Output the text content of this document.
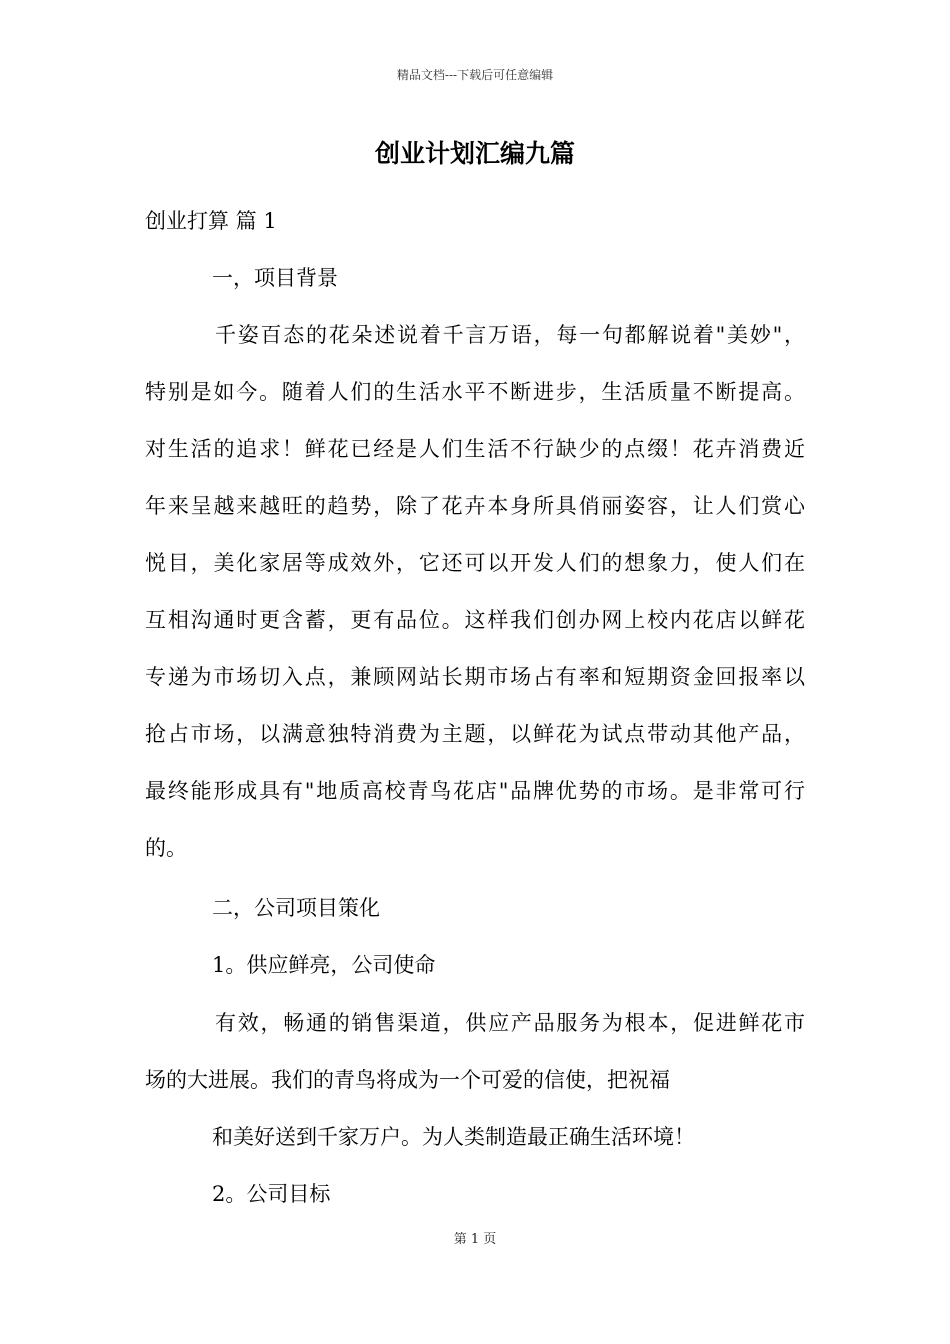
精品文档---下载后可任意编辑
创业计划汇编九篇
创业打算 篇 1
一，项目背景
千姿百态的花朵述说着千言万语，每一句都解说着"美妙"，
特别是如今。随着人们的生活水平不断进步，生活质量不断提高。
对生活的追求！鲜花已经是人们生活不行缺少的点缀！花卉消费近
年来呈越来越旺的趋势，除了花卉本身所具俏丽姿容，让人们赏心
悦目，美化家居等成效外，它还可以开发人们的想象力，使人们在
互相沟通时更含蓄，更有品位。这样我们创办网上校内花店以鲜花
专递为市场切入点，兼顾网站长期市场占有率和短期资金回报率以
抢占市场，以满意独特消费为主题，以鲜花为试点带动其他产品，
最终能形成具有"地质高校青鸟花店"品牌优势的市场。是非常可行
的。
二，公司项目策化
1。供应鲜亮，公司使命
有效，畅通的销售渠道，供应产品服务为根本，促进鲜花市
场的大进展。我们的青鸟将成为一个可爱的信使，把祝福
和美好送到千家万户。为人类制造最正确生活环境！
2。公司目标
第 1 页
